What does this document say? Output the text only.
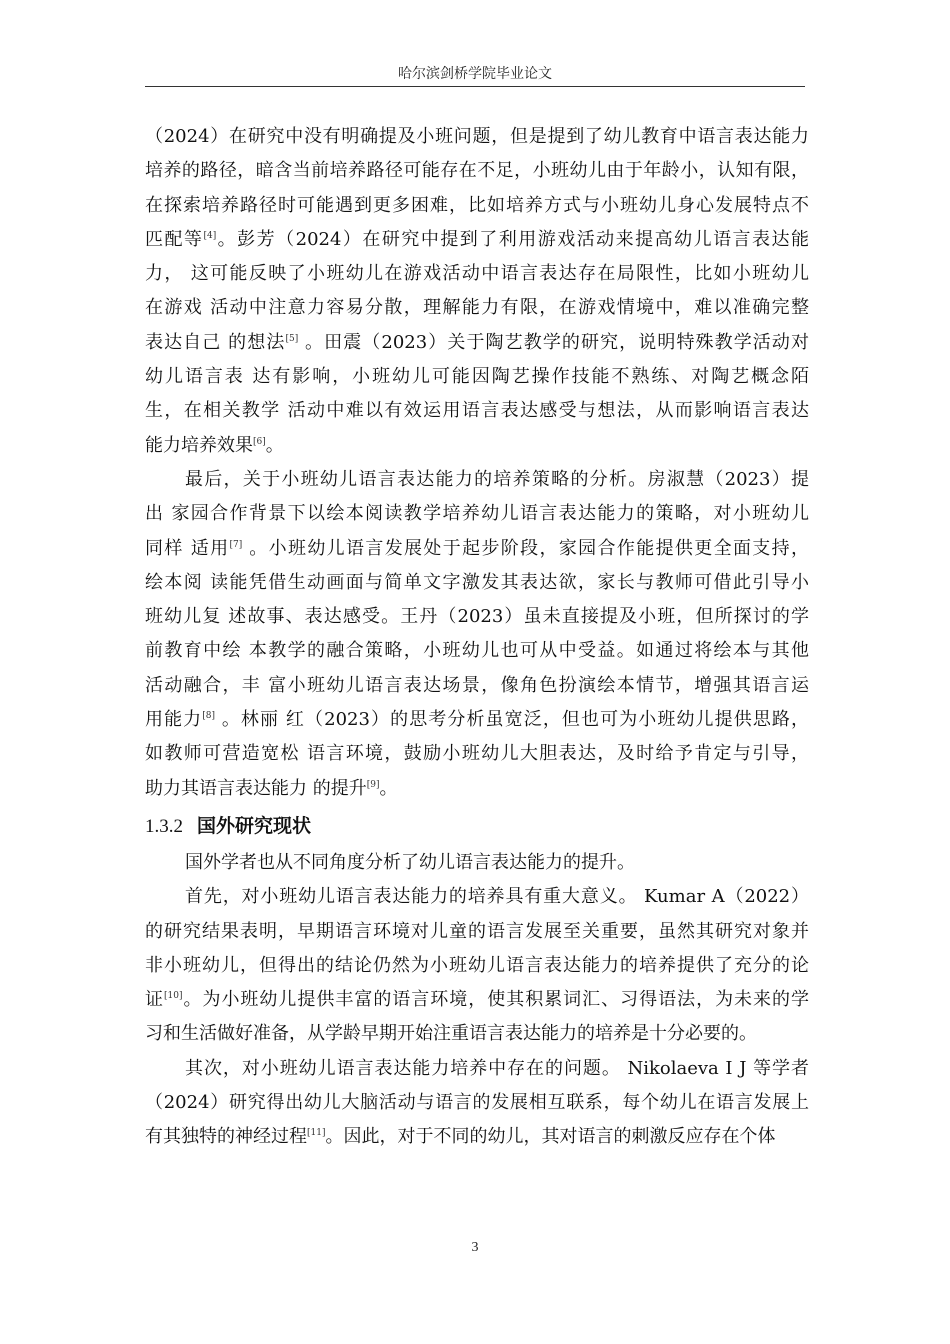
哈尔滨剑桥学院毕业论文
（2024）在研究中没有明确提及小班问题，但是提到了幼儿教育中语言表达能力
培养的路径，暗含当前培养路径可能存在不足，小班幼儿由于年龄小，认知有限，
在探索培养路径时可能遇到更多困难，比如培养方式与小班幼儿身心发展特点不
匹配等[4]。彭芳（2024）在研究中提到了利用游戏活动来提高幼儿语言表达能
力， 这可能反映了小班幼儿在游戏活动中语言表达存在局限性，比如小班幼儿
在游戏 活动中注意力容易分散，理解能力有限，在游戏情境中，难以准确完整
表达自己 的想法[5] 。田震（2023）关于陶艺教学的研究，说明特殊教学活动对
幼儿语言表 达有影响，小班幼儿可能因陶艺操作技能不熟练、对陶艺概念陌
生，在相关教学 活动中难以有效运用语言表达感受与想法，从而影响语言表达
能力培养效果[6]。
最后，关于小班幼儿语言表达能力的培养策略的分析。房淑慧（2023）提
出 家园合作背景下以绘本阅读教学培养幼儿语言表达能力的策略，对小班幼儿
同样 适用[7] 。小班幼儿语言发展处于起步阶段，家园合作能提供更全面支持，
绘本阅 读能凭借生动画面与简单文字激发其表达欲，家长与教师可借此引导小
班幼儿复 述故事、表达感受。王丹（2023）虽未直接提及小班，但所探讨的学
前教育中绘 本教学的融合策略，小班幼儿也可从中受益。如通过将绘本与其他
活动融合，丰 富小班幼儿语言表达场景，像角色扮演绘本情节，增强其语言运
用能力[8] 。林丽 红（2023）的思考分析虽宽泛，但也可为小班幼儿提供思路，
如教师可营造宽松 语言环境，鼓励小班幼儿大胆表达，及时给予肯定与引导，
助力其语言表达能力 的提升[9]。
1.3.2 国外研究现状
国外学者也从不同角度分析了幼儿语言表达能力的提升。
首先，对小班幼儿语言表达能力的培养具有重大意义。 Kumar A（2022）
的研究结果表明，早期语言环境对儿童的语言发展至关重要，虽然其研究对象并
非小班幼儿，但得出的结论仍然为小班幼儿语言表达能力的培养提供了充分的论
证[10]。为小班幼儿提供丰富的语言环境，使其积累词汇、习得语法，为未来的学
习和生活做好准备，从学龄早期开始注重语言表达能力的培养是十分必要的。
其次，对小班幼儿语言表达能力培养中存在的问题。 Nikolaeva I J 等学者
（2024）研究得出幼儿大脑活动与语言的发展相互联系，每个幼儿在语言发展上
有其独特的神经过程[11]。因此，对于不同的幼儿，其对语言的刺激反应存在个体
3
